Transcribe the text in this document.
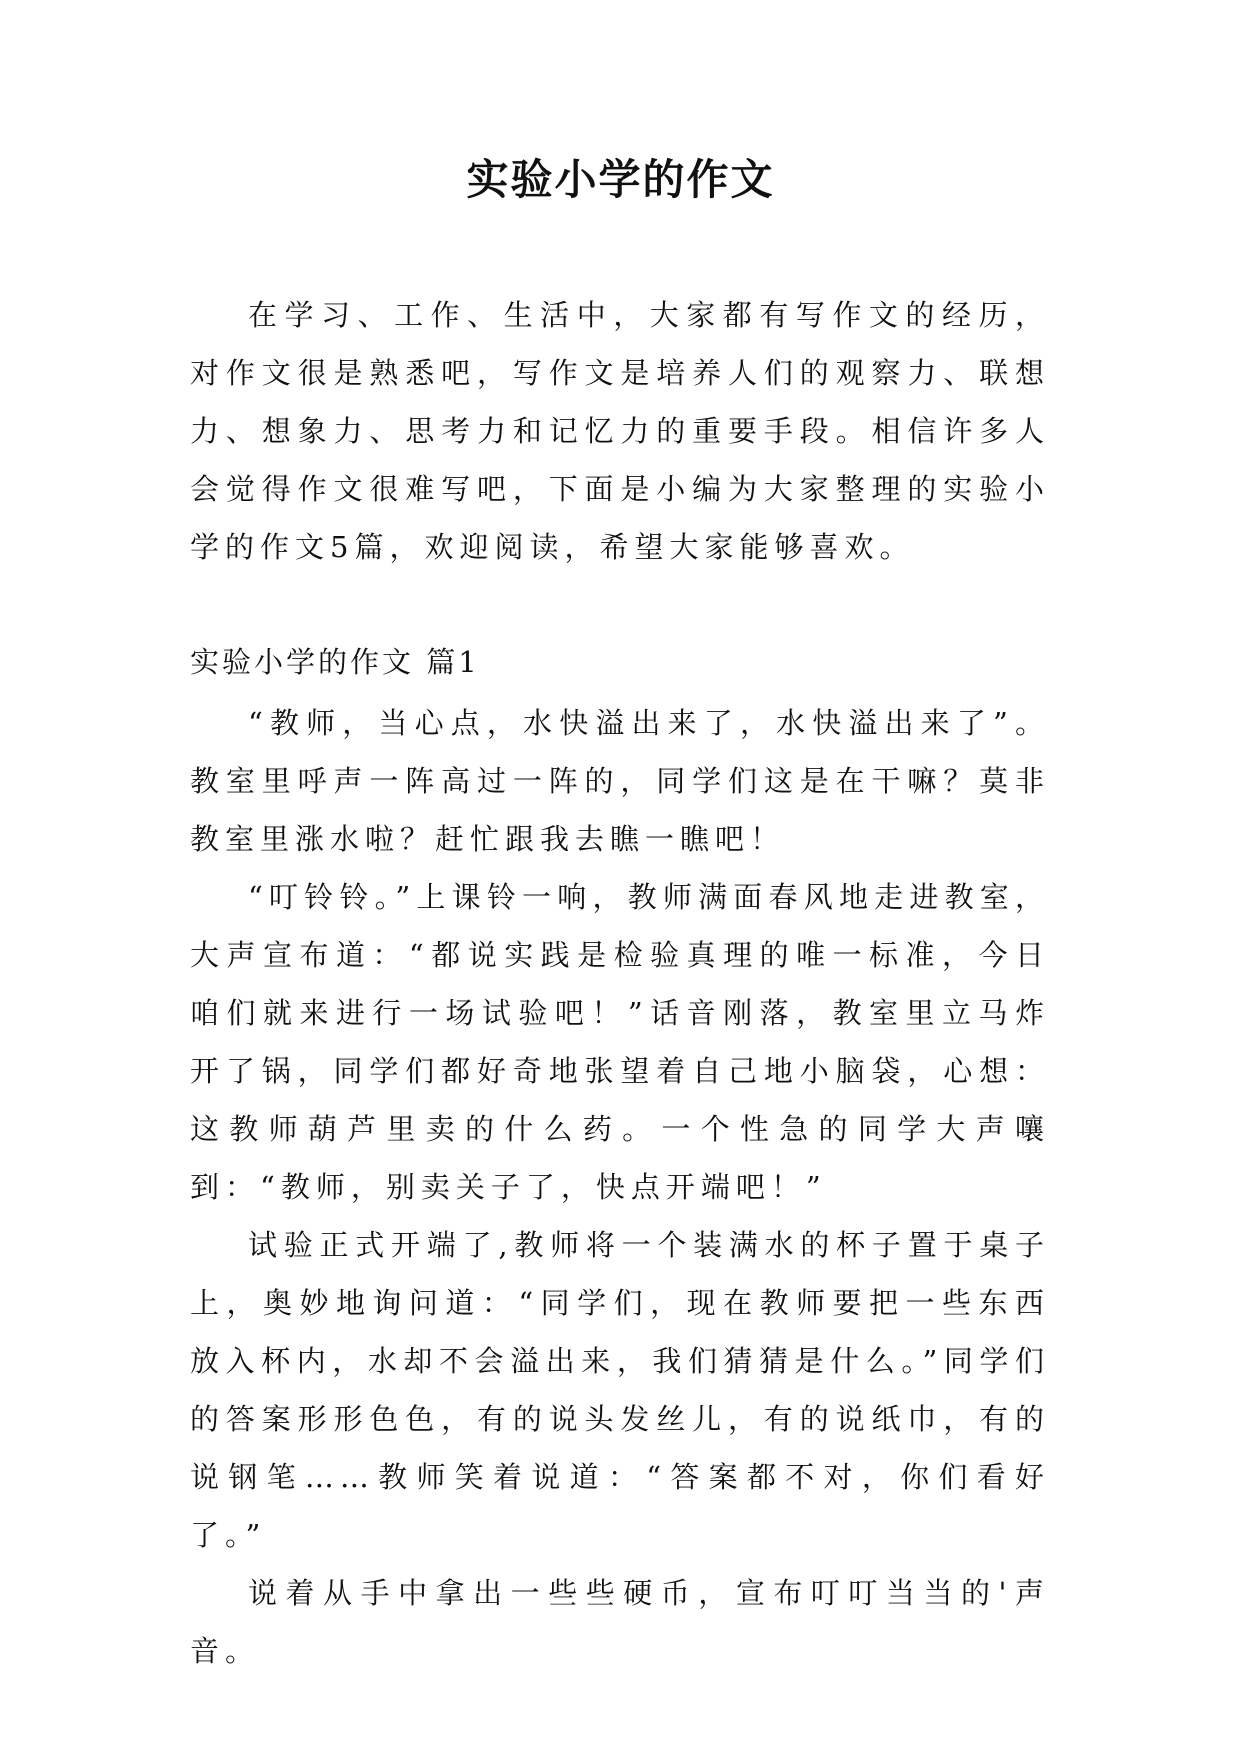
实验小学的作文

在学习、工作、生活中，大家都有写作文的经历，对作文很是熟悉吧，写作文是培养人们的观察力、联想力、想象力、思考力和记忆力的重要手段。相信许多人会觉得作文很难写吧，下面是小编为大家整理的实验小学的作文5篇，欢迎阅读，希望大家能够喜欢。

实验小学的作文 篇1

“教师，当心点，水快溢出来了，水快溢出来了”。教室里呼声一阵高过一阵的，同学们这是在干嘛？莫非教室里涨水啦？赶忙跟我去瞧一瞧吧！

“叮铃铃。”上课铃一响，教师满面春风地走进教室，大声宣布道：“都说实践是检验真理的唯一标准，今日咱们就来进行一场试验吧！”话音刚落，教室里立马炸开了锅，同学们都好奇地张望着自己地小脑袋，心想：这教师葫芦里卖的什么药。一个性急的同学大声嚷到：“教师，别卖关子了，快点开端吧！”

试验正式开端了,教师将一个装满水的杯子置于桌子上，奥妙地询问道：“同学们，现在教师要把一些东西放入杯内，水却不会溢出来，我们猜猜是什么。”同学们的答案形形色色，有的说头发丝儿，有的说纸巾，有的说钢笔……教师笑着说道：“答案都不对，你们看好了。”

说着从手中拿出一些些硬币，宣布叮叮当当的'声音。
